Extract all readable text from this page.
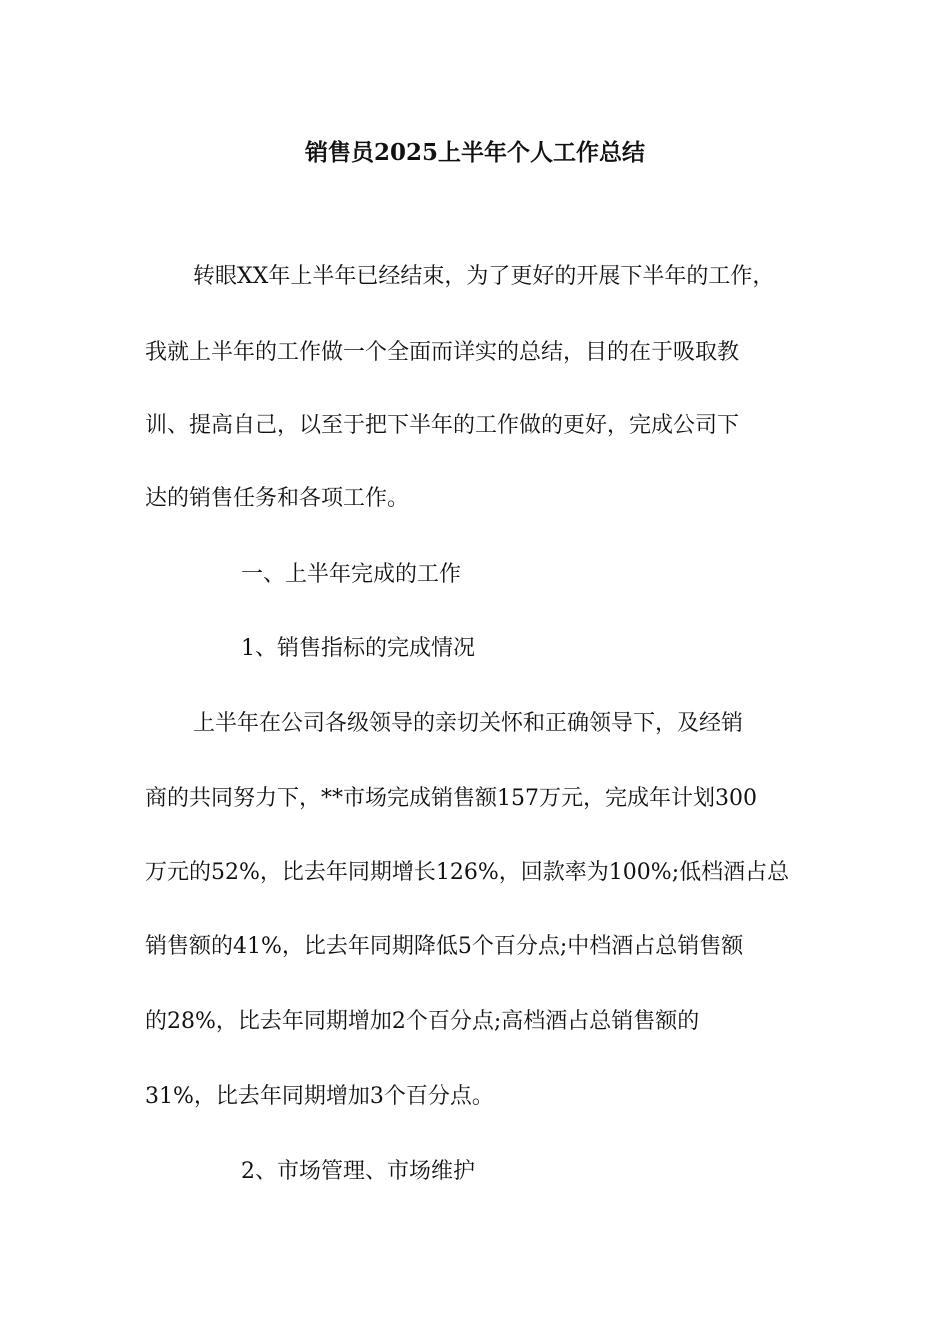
销售员2025上半年个人工作总结
转眼XX年上半年已经结束，为了更好的开展下半年的工作，
我就上半年的工作做一个全面而详实的总结，目的在于吸取教
训、提高自己，以至于把下半年的工作做的更好，完成公司下
达的销售任务和各项工作。
一、上半年完成的工作
1、销售指标的完成情况
上半年在公司各级领导的亲切关怀和正确领导下，及经销
商的共同努力下，**市场完成销售额157万元，完成年计划300
万元的52%，比去年同期增长126%，回款率为100%;低档酒占总
销售额的41%，比去年同期降低5个百分点;中档酒占总销售额
的28%，比去年同期增加2个百分点;高档酒占总销售额的
31%，比去年同期增加3个百分点。
2、市场管理、市场维护
